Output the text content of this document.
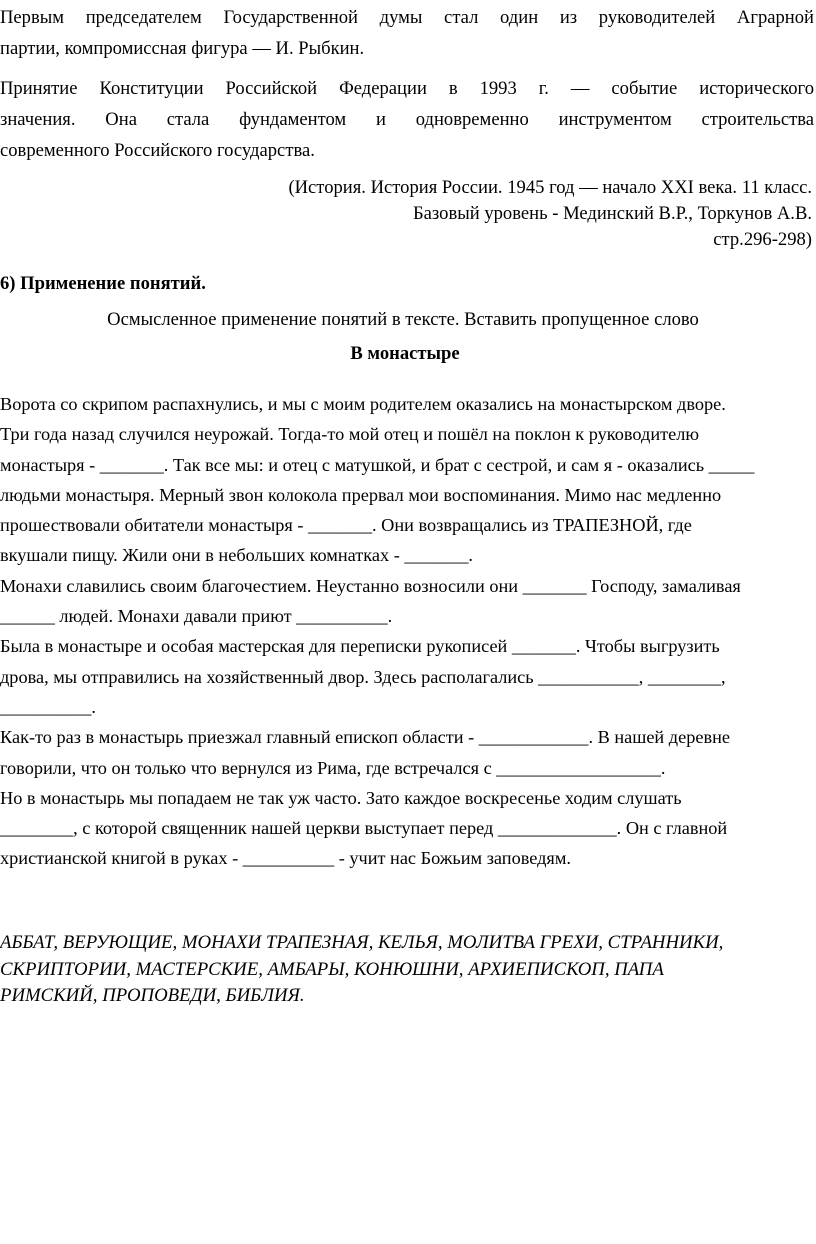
Первым председателем Государственной думы стал один из руководителей Аграрной
партии, компромиссная фигура — И. Рыбкин.

Принятие Конституции Российской Федерации в 1993 г. — событие исторического
значения. Она стала фундаментом и одновременно инструментом строительства
современного Российского государства.

(История. История России. 1945 год — начало XXI века. 11 класс.
Базовый уровень - Мединский В.Р., Торкунов А.В.
стр.296-298)

6) Применение понятий.

Осмысленное применение понятий в тексте. Вставить пропущенное слово

В монастыре

Ворота со скрипом распахнулись, и мы с моим родителем оказались на монастырском дворе.
Три года назад случился неурожай. Тогда-то мой отец и пошёл на поклон к руководителю
монастыря - _______. Так все мы: и отец с матушкой, и брат с сестрой, и сам я - оказались _____
людьми монастыря. Мерный звон колокола прервал мои воспоминания. Мимо нас медленно
прошествовали обитатели монастыря - _______. Они возвращались из ТРАПЕЗНОЙ, где
вкушали пищу. Жили они в небольших комнатках - _______.
Монахи славились своим благочестием. Неустанно возносили они _______ Господу, замаливая
______ людей. Монахи давали приют __________.
Была в монастыре и особая мастерская для переписки рукописей _______. Чтобы выгрузить
дрова, мы отправились на хозяйственный двор. Здесь располагались ___________, ________,
__________.
Как-то раз в монастырь приезжал главный епископ области - ____________. В нашей деревне
говорили, что он только что вернулся из Рима, где встречался с __________________.
Но в монастырь мы попадаем не так уж часто. Зато каждое воскресенье ходим слушать
________, с которой священник нашей церкви выступает перед _____________. Он с главной
христианской книгой в руках - __________ - учит нас Божьим заповедям.

АББАТ, ВЕРУЮЩИЕ, МОНАХИ ТРАПЕЗНАЯ, КЕЛЬЯ, МОЛИТВА ГРЕХИ, СТРАННИКИ,
СКРИПТОРИИ, МАСТЕРСКИЕ, АМБАРЫ, КОНЮШНИ, АРХИЕПИСКОП, ПАПА
РИМСКИЙ, ПРОПОВЕДИ, БИБЛИЯ.
